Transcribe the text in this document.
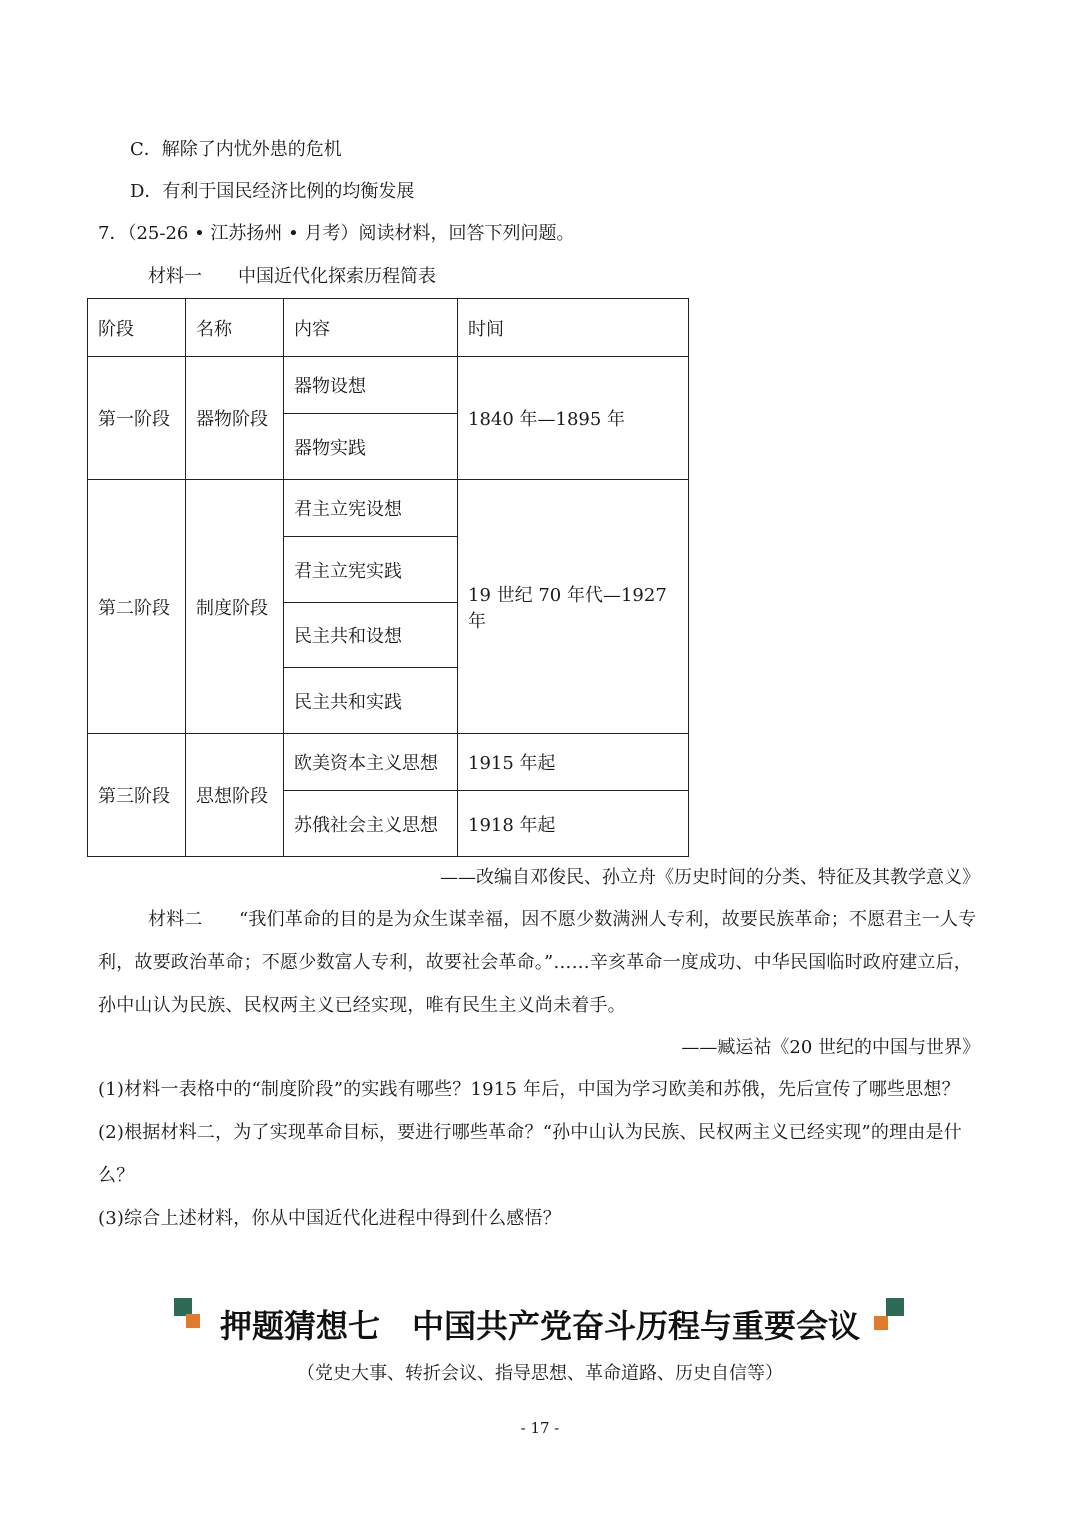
C．解除了内忧外患的危机
D．有利于国民经济比例的均衡发展
7．（25-26 • 江苏扬州 • 月考）阅读材料，回答下列问题。
材料一　　中国近代化探索历程简表
阶段	名称	内容	时间
第一阶段	器物阶段	器物设想	1840 年—1895 年
		器物实践	
第二阶段	制度阶段	君主立宪设想	19 世纪 70 年代—1927 年
		君主立宪实践	
		民主共和设想	
		民主共和实践	
第三阶段	思想阶段	欧美资本主义思想	1915 年起
		苏俄社会主义思想	1918 年起
——改编自邓俊民、孙立舟《历史时间的分类、特征及其教学意义》
材料二　　“我们革命的目的是为众生谋幸福，因不愿少数满洲人专利，故要民族革命；不愿君主一人专利，故要政治革命；不愿少数富人专利，故要社会革命。”……辛亥革命一度成功、中华民国临时政府建立后，孙中山认为民族、民权两主义已经实现，唯有民生主义尚未着手。
——臧运祜《20 世纪的中国与世界》
(1)材料一表格中的“制度阶段”的实践有哪些？1915 年后，中国为学习欧美和苏俄，先后宣传了哪些思想？
(2)根据材料二，为了实现革命目标，要进行哪些革命？“孙中山认为民族、民权两主义已经实现”的理由是什么？
(3)综合上述材料，你从中国近代化进程中得到什么感悟？
押题猜想七　中国共产党奋斗历程与重要会议
（党史大事、转折会议、指导思想、革命道路、历史自信等）
- 17 -
